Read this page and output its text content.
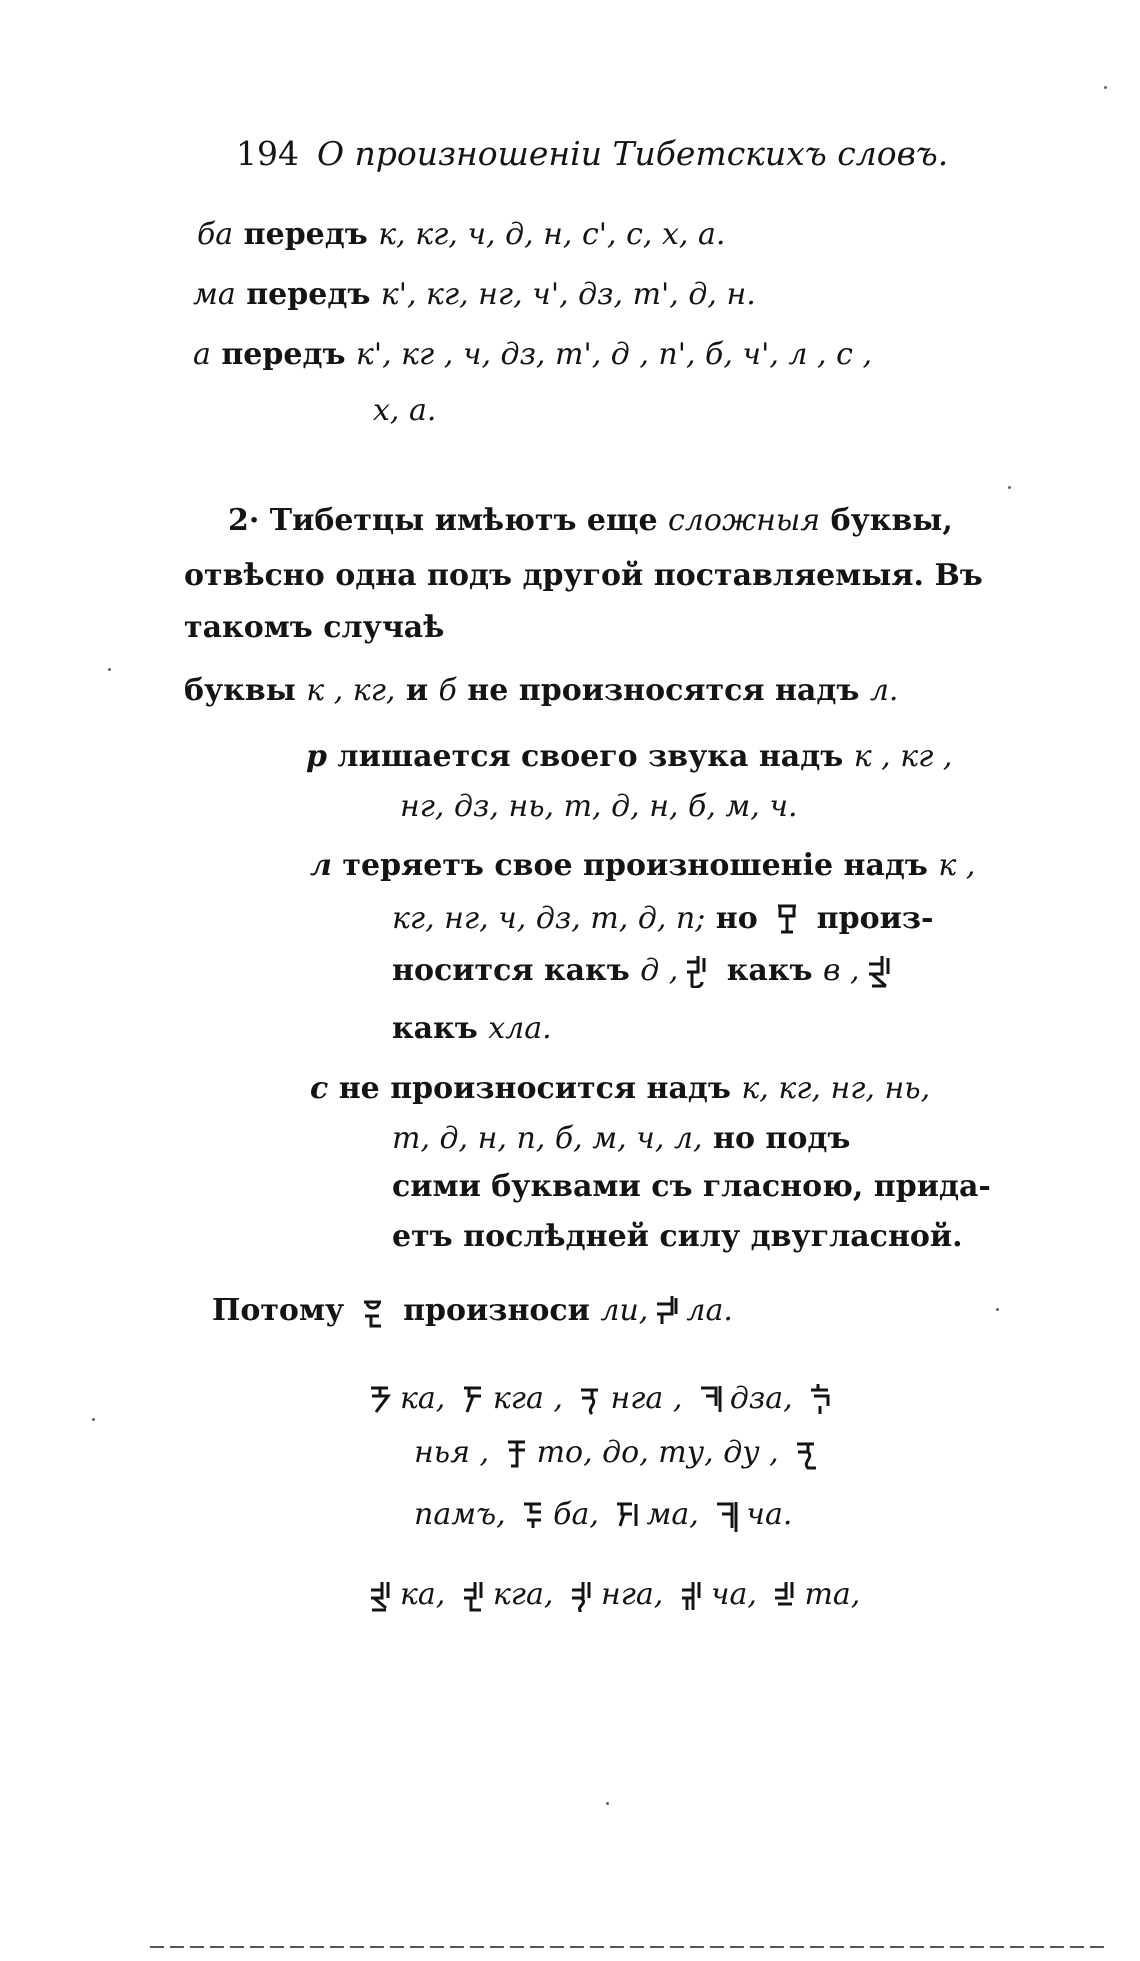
194 О произношенiи Тибетскихъ словъ.
ба передъ к, кг, ч, д, н, с', с, х, а.
ма передъ к', кг, нг, ч', дз, т', д, н.
а передъ к', кг , ч, дз, т', д , п', б, ч', л , с ,
х, а.
2· Тибетцы имѣютъ еще сложныя буквы,
отвѣсно одна подъ другой поставляемыя. Въ
такомъ случаѣ
буквы к , кг, и б не произносятся надъ л.
р лишается своего звука надъ к , кг ,
нг, дз, нь, т, д, н, б, м, ч.
л теряетъ свое произношенiе надъ к ,
кг, нг, ч, дз, т, д, п; но  произ-
носится какъ д , какъ в ,
какъ хла.
с не произносится надъ к, кг, нг, нь,
т, д, н, п, б, м, ч, л, но подъ
сими буквами съ гласною, прида-
етъ послѣдней силу двугласной.
Потому  произноси ли, ла.
ка, кга , нга , дза,
нья , то, до, ту, ду ,
памъ, ба, ма, ча.
ка, кга, нга, ча, та,
